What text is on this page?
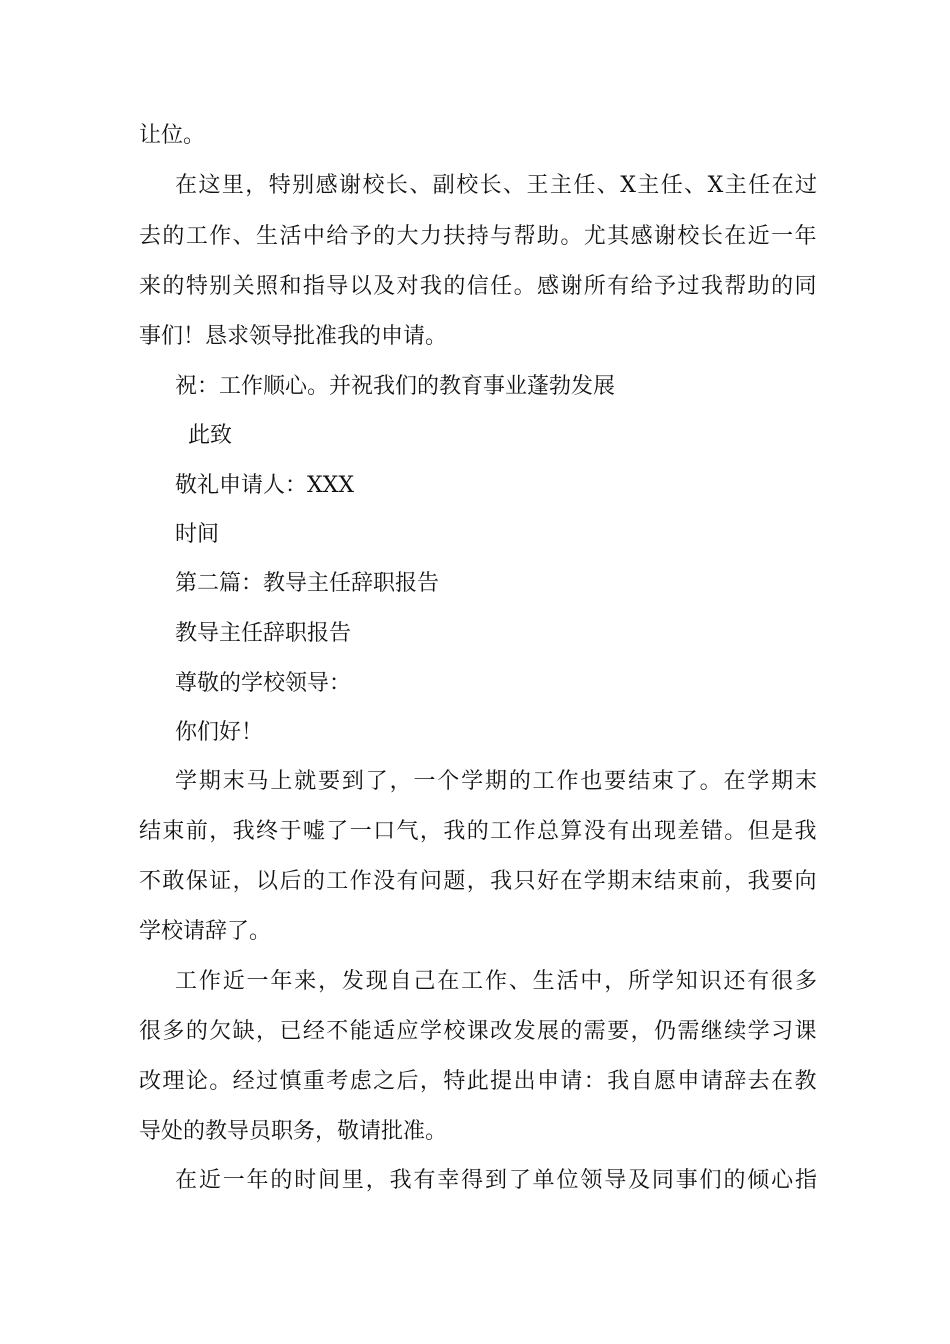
让位。
在这里，特别感谢校长、副校长、王主任、X主任、X主任在过
去的工作、生活中给予的大力扶持与帮助。尤其感谢校长在近一年
来的特别关照和指导以及对我的信任。感谢所有给予过我帮助的同
事们！恳求领导批准我的申请。
祝：工作顺心。并祝我们的教育事业蓬勃发展
此致
敬礼申请人：XXX
时间
第二篇：教导主任辞职报告
教导主任辞职报告
尊敬的学校领导：
你们好！
学期末马上就要到了，一个学期的工作也要结束了。在学期末
结束前，我终于嘘了一口气，我的工作总算没有出现差错。但是我
不敢保证，以后的工作没有问题，我只好在学期末结束前，我要向
学校请辞了。
工作近一年来，发现自己在工作、生活中，所学知识还有很多
很多的欠缺，已经不能适应学校课改发展的需要，仍需继续学习课
改理论。经过慎重考虑之后，特此提出申请：我自愿申请辞去在教
导处的教导员职务，敬请批准。
在近一年的时间里，我有幸得到了单位领导及同事们的倾心指
